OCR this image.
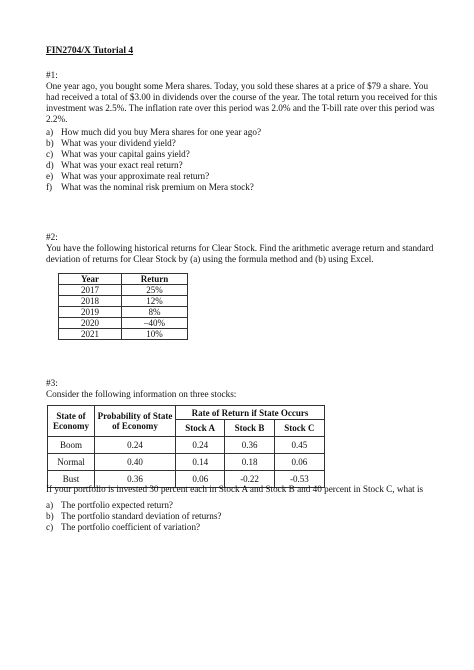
FIN2704/X Tutorial 4
#1:

One year ago, you bought some Mera shares. Today, you sold these shares at a price of $79 a share. You had received a total of $3.00 in dividends over the course of the year. The total return you received for this investment was 2.5%. The inflation rate over this period was 2.0% and the T-bill rate over this period was 2.2%.

a) How much did you buy Mera shares for one year ago?
b) What was your dividend yield?
c) What was your capital gains yield?
d) What was your exact real return?
e) What was your approximate real return?
f) What was the nominal risk premium on Mera stock?
#2:

You have the following historical returns for Clear Stock. Find the arithmetic average return and standard deviation of returns for Clear Stock by (a) using the formula method and (b) using Excel.

Year	Return
2017	25%
2018	12%
2019	8%
2020	–40%
2021	10%
#3:

Consider the following information on three stocks:

State of Economy	Probability of State of Economy	Rate of Return if State Occurs		
		Stock A	Stock B	Stock C
Boom	0.24	0.24	0.36	0.45
Normal	0.40	0.14	0.18	0.06
Bust	0.36	0.06	-0.22	-0.53

If your portfolio is invested 30 percent each in Stock A and Stock B and 40 percent in Stock C, what is

a) The portfolio expected return?
b) The portfolio standard deviation of returns?
c) The portfolio coefficient of variation?
